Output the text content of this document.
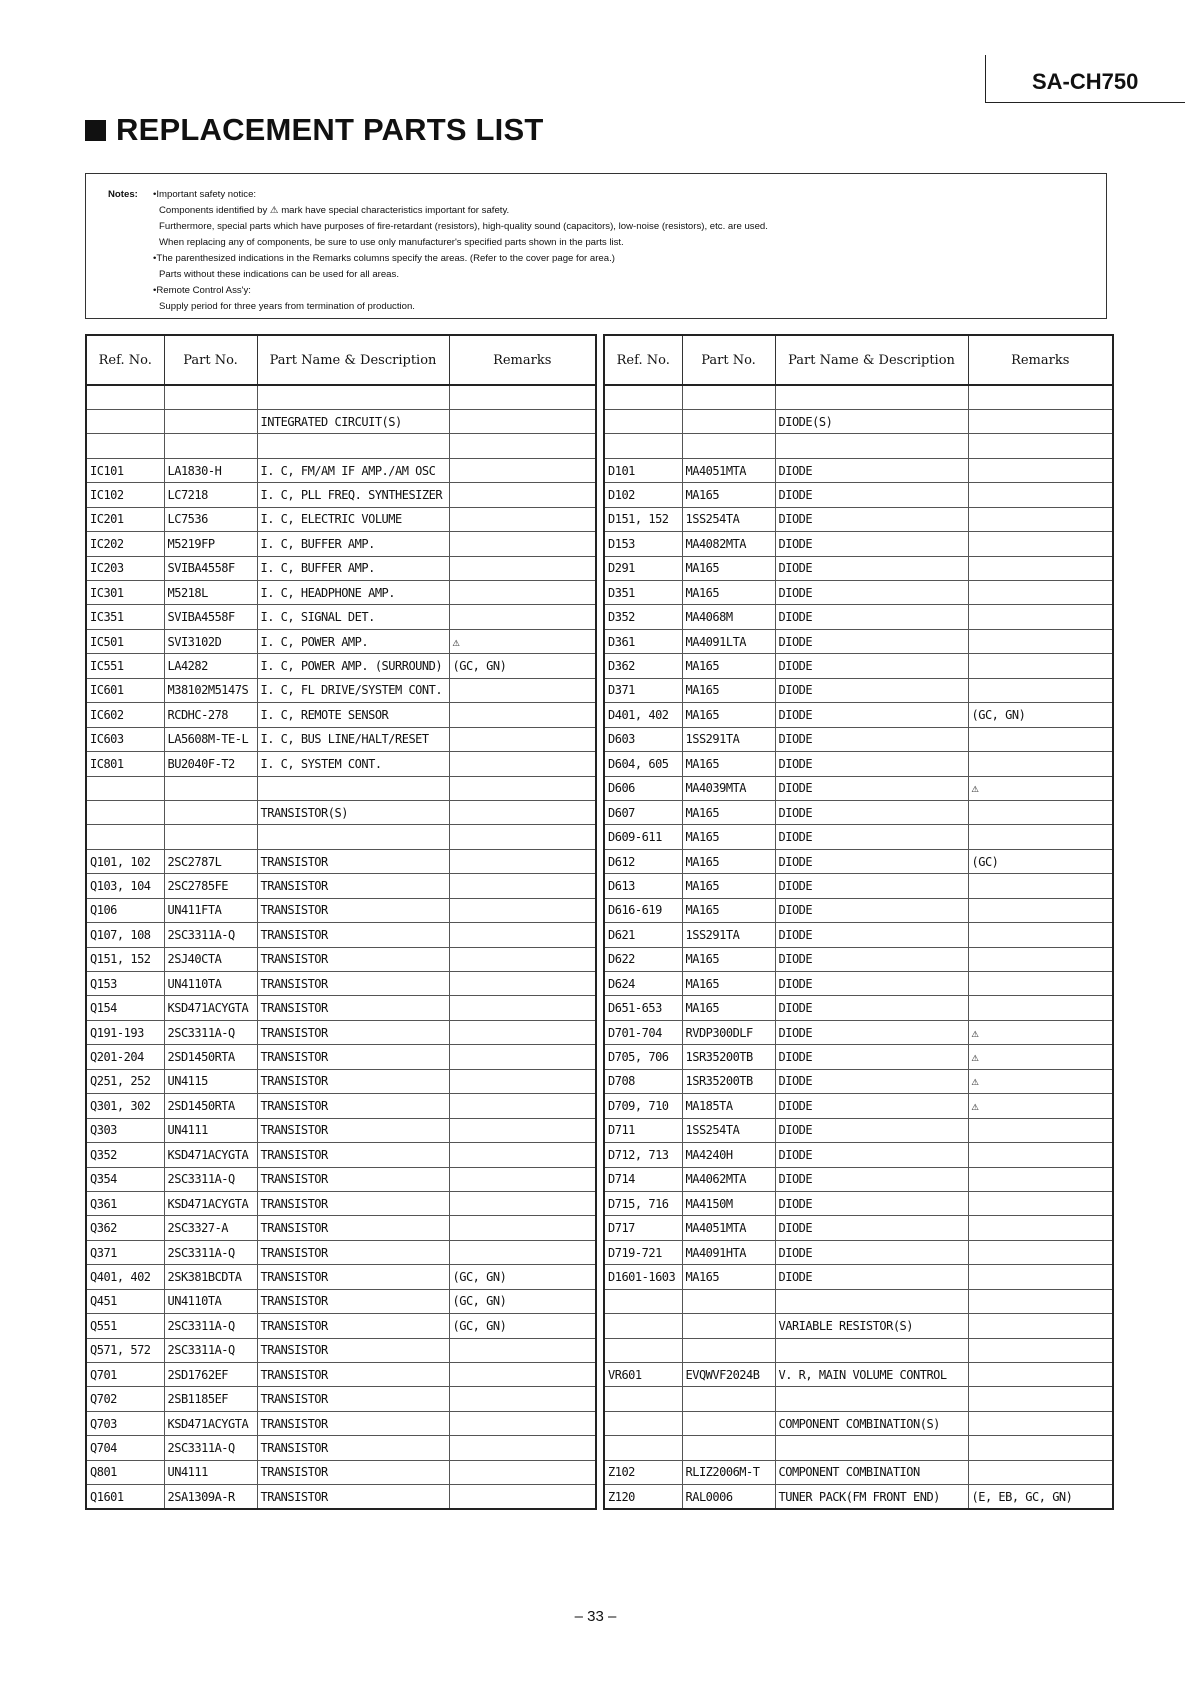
SA-CH750
REPLACEMENT PARTS LIST
Notes:	•Important safety notice:
Components identified by ⚠ mark have special characteristics important for safety.
Furthermore, special parts which have purposes of fire-retardant (resistors), high-quality sound (capacitors), low-noise (resistors), etc. are used.
When replacing any of components, be sure to use only manufacturer's specified parts shown in the parts list.
•The parenthesized indications in the Remarks columns specify the areas. (Refer to the cover page for area.)
Parts without these indications can be used for all areas.
•Remote Control Ass'y:
Supply period for three years from termination of production.
Ref. No.	Part No.	Part Name & Description	Remarks

		INTEGRATED CIRCUIT(S)	

IC101	LA1830-H	I. C, FM/AM IF AMP./AM OSC	
IC102	LC7218	I. C, PLL FREQ. SYNTHESIZER	
IC201	LC7536	I. C, ELECTRIC VOLUME	
IC202	M5219FP	I. C, BUFFER AMP.	
IC203	SVIBA4558F	I. C, BUFFER AMP.	
IC301	M5218L	I. C, HEADPHONE AMP.	
IC351	SVIBA4558F	I. C, SIGNAL DET.	
IC501	SVI3102D	I. C, POWER AMP.	⚠
IC551	LA4282	I. C, POWER AMP. (SURROUND)	(GC, GN)
IC601	M38102M5147S	I. C, FL DRIVE/SYSTEM CONT.	
IC602	RCDHC-278	I. C, REMOTE SENSOR	
IC603	LA5608M-TE-L	I. C, BUS LINE/HALT/RESET	
IC801	BU2040F-T2	I. C, SYSTEM CONT.	

		TRANSISTOR(S)	

Q101, 102	2SC2787L	TRANSISTOR	
Q103, 104	2SC2785FE	TRANSISTOR	
Q106	UN411FTA	TRANSISTOR	
Q107, 108	2SC3311A-Q	TRANSISTOR	
Q151, 152	2SJ40CTA	TRANSISTOR	
Q153	UN4110TA	TRANSISTOR	
Q154	KSD471ACYGTA	TRANSISTOR	
Q191-193	2SC3311A-Q	TRANSISTOR	
Q201-204	2SD1450RTA	TRANSISTOR	
Q251, 252	UN4115	TRANSISTOR	
Q301, 302	2SD1450RTA	TRANSISTOR	
Q303	UN4111	TRANSISTOR	
Q352	KSD471ACYGTA	TRANSISTOR	
Q354	2SC3311A-Q	TRANSISTOR	
Q361	KSD471ACYGTA	TRANSISTOR	
Q362	2SC3327-A	TRANSISTOR	
Q371	2SC3311A-Q	TRANSISTOR	
Q401, 402	2SK381BCDTA	TRANSISTOR	(GC, GN)
Q451	UN4110TA	TRANSISTOR	(GC, GN)
Q551	2SC3311A-Q	TRANSISTOR	(GC, GN)
Q571, 572	2SC3311A-Q	TRANSISTOR	
Q701	2SD1762EF	TRANSISTOR	
Q702	2SB1185EF	TRANSISTOR	
Q703	KSD471ACYGTA	TRANSISTOR	
Q704	2SC3311A-Q	TRANSISTOR	
Q801	UN4111	TRANSISTOR	
Q1601	2SA1309A-R	TRANSISTOR	
Ref. No.	Part No.	Part Name & Description	Remarks

		DIODE(S)	

D101	MA4051MTA	DIODE	
D102	MA165	DIODE	
D151, 152	1SS254TA	DIODE	
D153	MA4082MTA	DIODE	
D291	MA165	DIODE	
D351	MA165	DIODE	
D352	MA4068M	DIODE	
D361	MA4091LTA	DIODE	
D362	MA165	DIODE	
D371	MA165	DIODE	
D401, 402	MA165	DIODE	(GC, GN)
D603	1SS291TA	DIODE	
D604, 605	MA165	DIODE	
D606	MA4039MTA	DIODE	⚠
D607	MA165	DIODE	
D609-611	MA165	DIODE	
D612	MA165	DIODE	(GC)
D613	MA165	DIODE	
D616-619	MA165	DIODE	
D621	1SS291TA	DIODE	
D622	MA165	DIODE	
D624	MA165	DIODE	
D651-653	MA165	DIODE	
D701-704	RVDP300DLF	DIODE	⚠
D705, 706	1SR35200TB	DIODE	⚠
D708	1SR35200TB	DIODE	⚠
D709, 710	MA185TA	DIODE	⚠
D711	1SS254TA	DIODE	
D712, 713	MA4240H	DIODE	
D714	MA4062MTA	DIODE	
D715, 716	MA4150M	DIODE	
D717	MA4051MTA	DIODE	
D719-721	MA4091HTA	DIODE	
D1601-1603	MA165	DIODE	

		VARIABLE RESISTOR(S)	

VR601	EVQWVF2024B	V. R, MAIN VOLUME CONTROL	

		COMPONENT COMBINATION(S)	

Z102	RLIZ2006M-T	COMPONENT COMBINATION	
Z120	RAL0006	TUNER PACK(FM FRONT END)	(E, EB, GC, GN)
– 33 –
